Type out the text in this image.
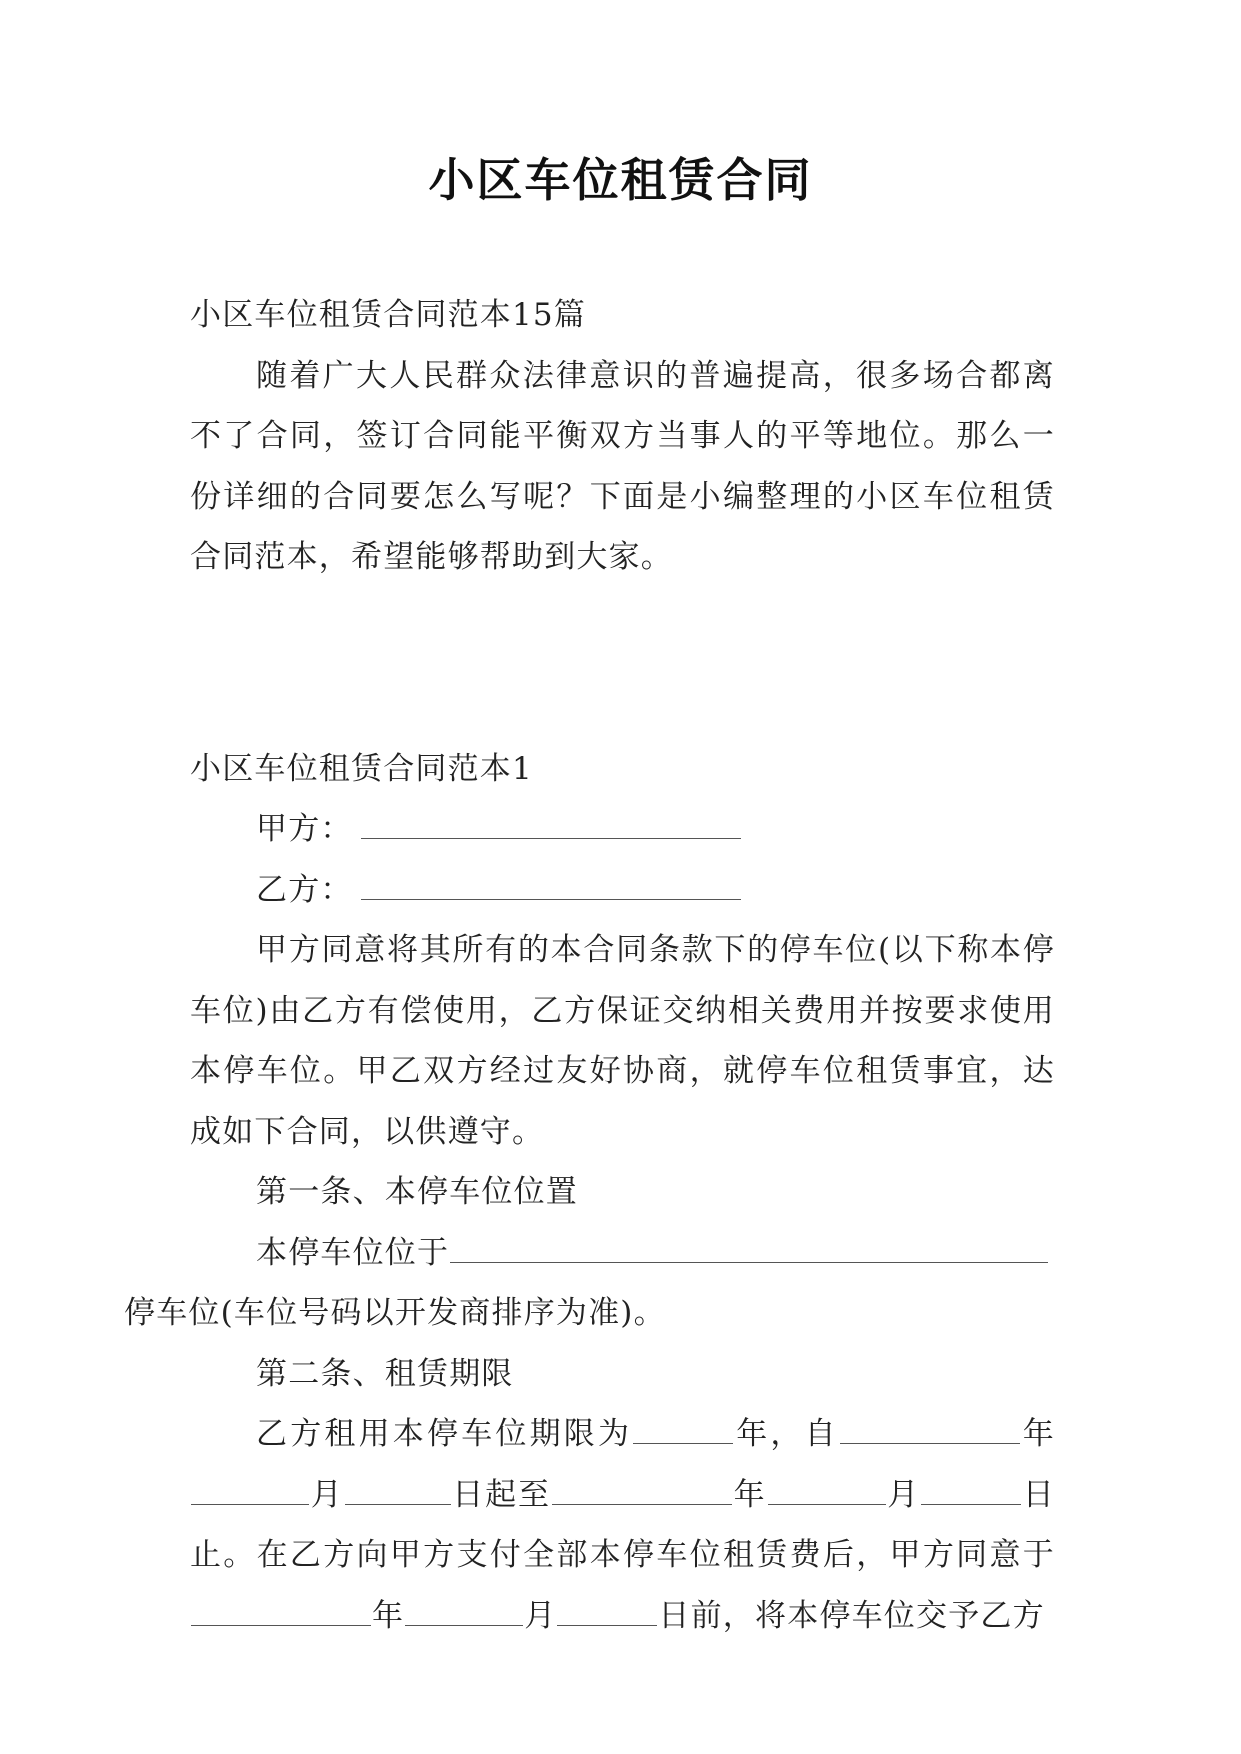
小区车位租赁合同

小区车位租赁合同范本15篇

随着广大人民群众法律意识的普遍提高，很多场合都离不了合同，签订合同能平衡双方当事人的平等地位。那么一份详细的合同要怎么写呢？下面是小编整理的小区车位租赁合同范本，希望能够帮助到大家。

小区车位租赁合同范本1

甲方：

乙方：

甲方同意将其所有的本合同条款下的停车位(以下称本停车位)由乙方有偿使用，乙方保证交纳相关费用并按要求使用本停车位。甲乙双方经过友好协商，就停车位租赁事宜，达成如下合同，以供遵守。

第一条、本停车位位置

本停车位位于
停车位(车位号码以开发商排序为准)。

第二条、租赁期限

乙方租用本停车位期限为	年，自	年月	日起至	年	月	日止。在乙方向甲方支付全部本停车位租赁费后，甲方同意于年	月	日前，将本停车位交予乙方
